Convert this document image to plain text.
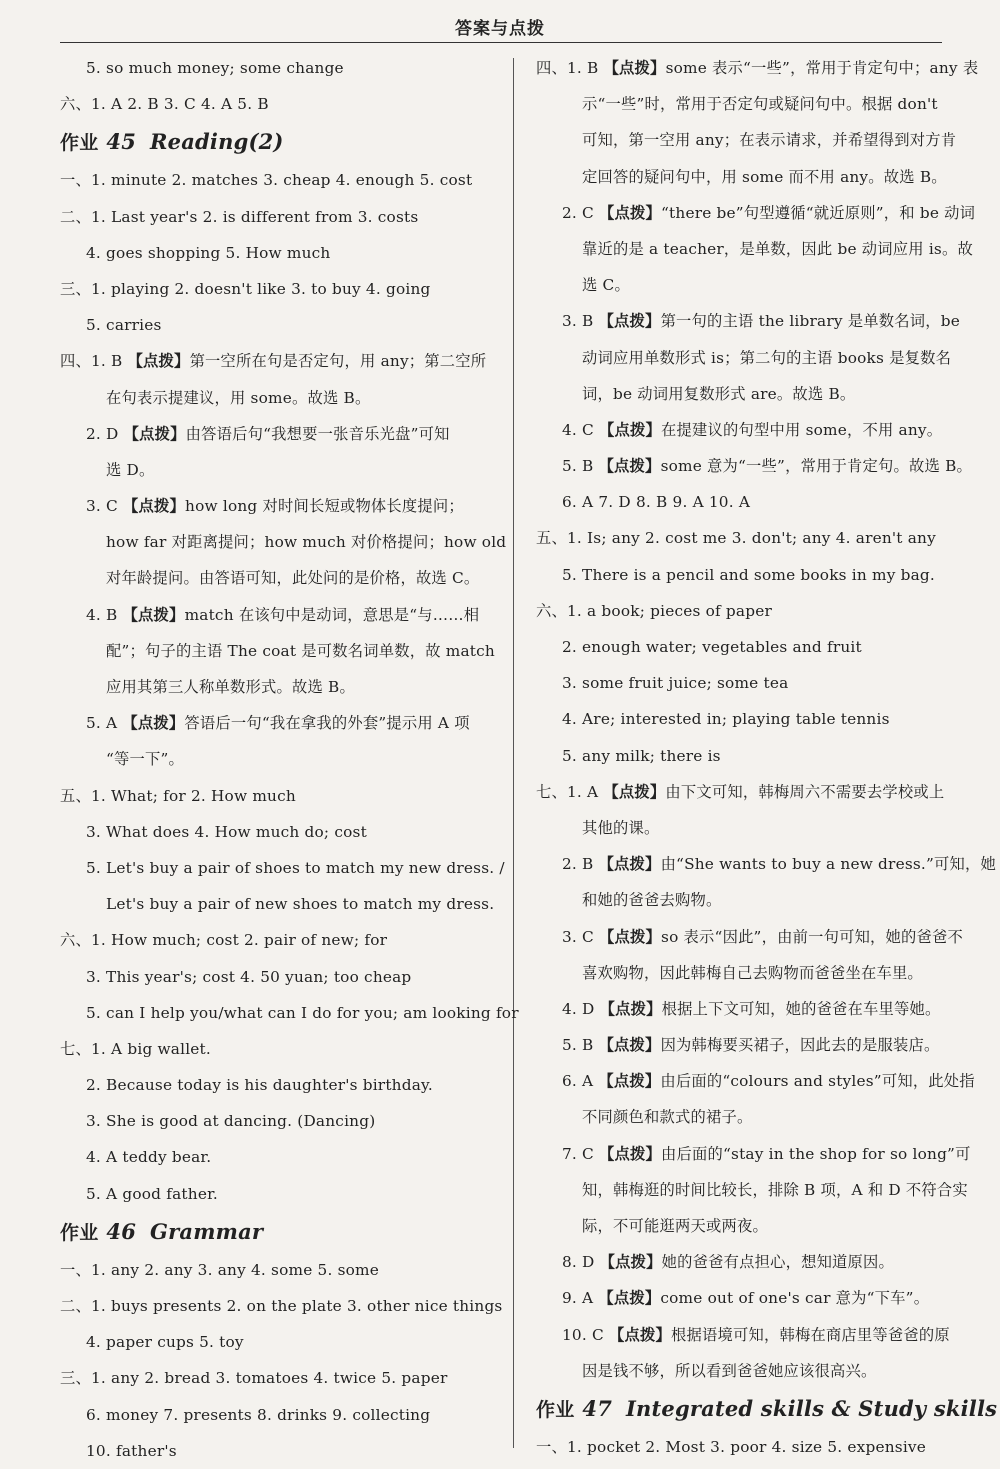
答案与点拨
5. so much money; some change
六、1. A 2. B 3. C 4. A 5. B
作业 45 Reading(2)
一、1. minute 2. matches 3. cheap 4. enough 5. cost
二、1. Last year's 2. is different from 3. costs
4. goes shopping 5. How much
三、1. playing 2. doesn't like 3. to buy 4. going
5. carries
四、1. B 【点拨】第一空所在句是否定句，用 any；第二空所
在句表示提建议，用 some。故选 B。
2. D 【点拨】由答语后句“我想要一张音乐光盘”可知
选 D。
3. C 【点拨】how long 对时间长短或物体长度提问；
how far 对距离提问；how much 对价格提问；how old
对年龄提问。由答语可知，此处问的是价格，故选 C。
4. B 【点拨】match 在该句中是动词，意思是“与……相
配”；句子的主语 The coat 是可数名词单数，故 match
应用其第三人称单数形式。故选 B。
5. A 【点拨】答语后一句“我在拿我的外套”提示用 A 项
“等一下”。
五、1. What; for 2. How much
3. What does 4. How much do; cost
5. Let's buy a pair of shoes to match my new dress. /
Let's buy a pair of new shoes to match my dress.
六、1. How much; cost 2. pair of new; for
3. This year's; cost 4. 50 yuan; too cheap
5. can I help you/what can I do for you; am looking for
七、1. A big wallet.
2. Because today is his daughter's birthday.
3. She is good at dancing. (Dancing)
4. A teddy bear.
5. A good father.
作业 46 Grammar
一、1. any 2. any 3. any 4. some 5. some
二、1. buys presents 2. on the plate 3. other nice things
4. paper cups 5. toy
三、1. any 2. bread 3. tomatoes 4. twice 5. paper
6. money 7. presents 8. drinks 9. collecting
10. father's
四、1. B 【点拨】some 表示“一些”，常用于肯定句中；any 表
示“一些”时，常用于否定句或疑问句中。根据 don't
可知，第一空用 any；在表示请求，并希望得到对方肯
定回答的疑问句中，用 some 而不用 any。故选 B。
2. C 【点拨】“there be”句型遵循“就近原则”，和 be 动词
靠近的是 a teacher，是单数，因此 be 动词应用 is。故
选 C。
3. B 【点拨】第一句的主语 the library 是单数名词，be
动词应用单数形式 is；第二句的主语 books 是复数名
词，be 动词用复数形式 are。故选 B。
4. C 【点拨】在提建议的句型中用 some，不用 any。
5. B 【点拨】some 意为“一些”，常用于肯定句。故选 B。
6. A 7. D 8. B 9. A 10. A
五、1. Is; any 2. cost me 3. don't; any 4. aren't any
5. There is a pencil and some books in my bag.
六、1. a book; pieces of paper
2. enough water; vegetables and fruit
3. some fruit juice; some tea
4. Are; interested in; playing table tennis
5. any milk; there is
七、1. A 【点拨】由下文可知，韩梅周六不需要去学校或上
其他的课。
2. B 【点拨】由“She wants to buy a new dress.”可知，她
和她的爸爸去购物。
3. C 【点拨】so 表示“因此”，由前一句可知，她的爸爸不
喜欢购物，因此韩梅自己去购物而爸爸坐在车里。
4. D 【点拨】根据上下文可知，她的爸爸在车里等她。
5. B 【点拨】因为韩梅要买裙子，因此去的是服装店。
6. A 【点拨】由后面的“colours and styles”可知，此处指
不同颜色和款式的裙子。
7. C 【点拨】由后面的“stay in the shop for so long”可
知，韩梅逛的时间比较长，排除 B 项，A 和 D 不符合实
际，不可能逛两天或两夜。
8. D 【点拨】她的爸爸有点担心，想知道原因。
9. A 【点拨】come out of one's car 意为“下车”。
10. C 【点拨】根据语境可知，韩梅在商店里等爸爸的原
因是钱不够，所以看到爸爸她应该很高兴。
作业 47 Integrated skills & Study skills
一、1. pocket 2. Most 3. poor 4. size 5. expensive
